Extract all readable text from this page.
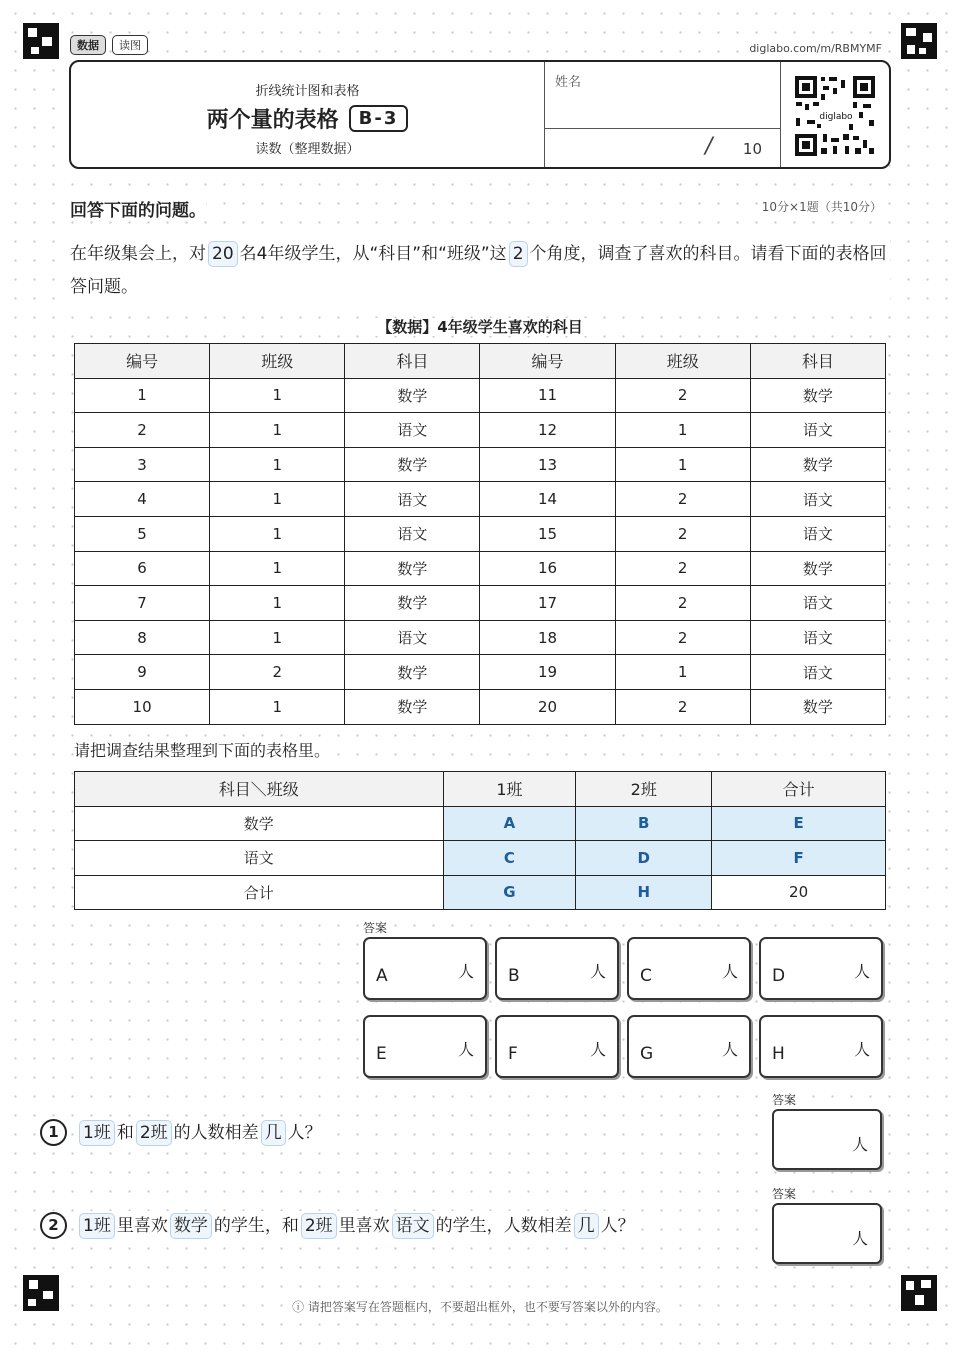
数据	读图	diglabo.com/m/RBMYMF
折线统计图和表格
两个量的表格	B-3
读数（整理数据）
姓名
/ 10
diglabo
回答下面的问题。	10分×1题（共10分）
在年级集会上，对 20 名4年级学生，从“科目”和“班级”这 2 个角度，调查了喜欢的科目。请看下面的表格回答问题。
【数据】4年级学生喜欢的科目
编号	班级	科目	编号	班级	科目
1	1	数学	11	2	数学
2	1	语文	12	1	语文
3	1	数学	13	1	数学
4	1	语文	14	2	语文
5	1	语文	15	2	语文
6	1	数学	16	2	数学
7	1	数学	17	2	语文
8	1	语文	18	2	语文
9	2	数学	19	1	语文
10	1	数学	20	2	数学
请把调查结果整理到下面的表格里。
科目＼班级	1班	2班	合计
数学	A	B	E
语文	C	D	F
合计	G	H	20
答案
A	人 B	人 C	人 D	人
E	人 F	人 G	人 H	人
1	1班 和 2班 的人数相差 几 人？
答案
人
2	1班 里喜欢 数学 的学生，和 2班 里喜欢 语文 的学生，人数相差 几 人？
答案
人
ⓘ 请把答案写在答题框内，不要超出框外，也不要写答案以外的内容。
